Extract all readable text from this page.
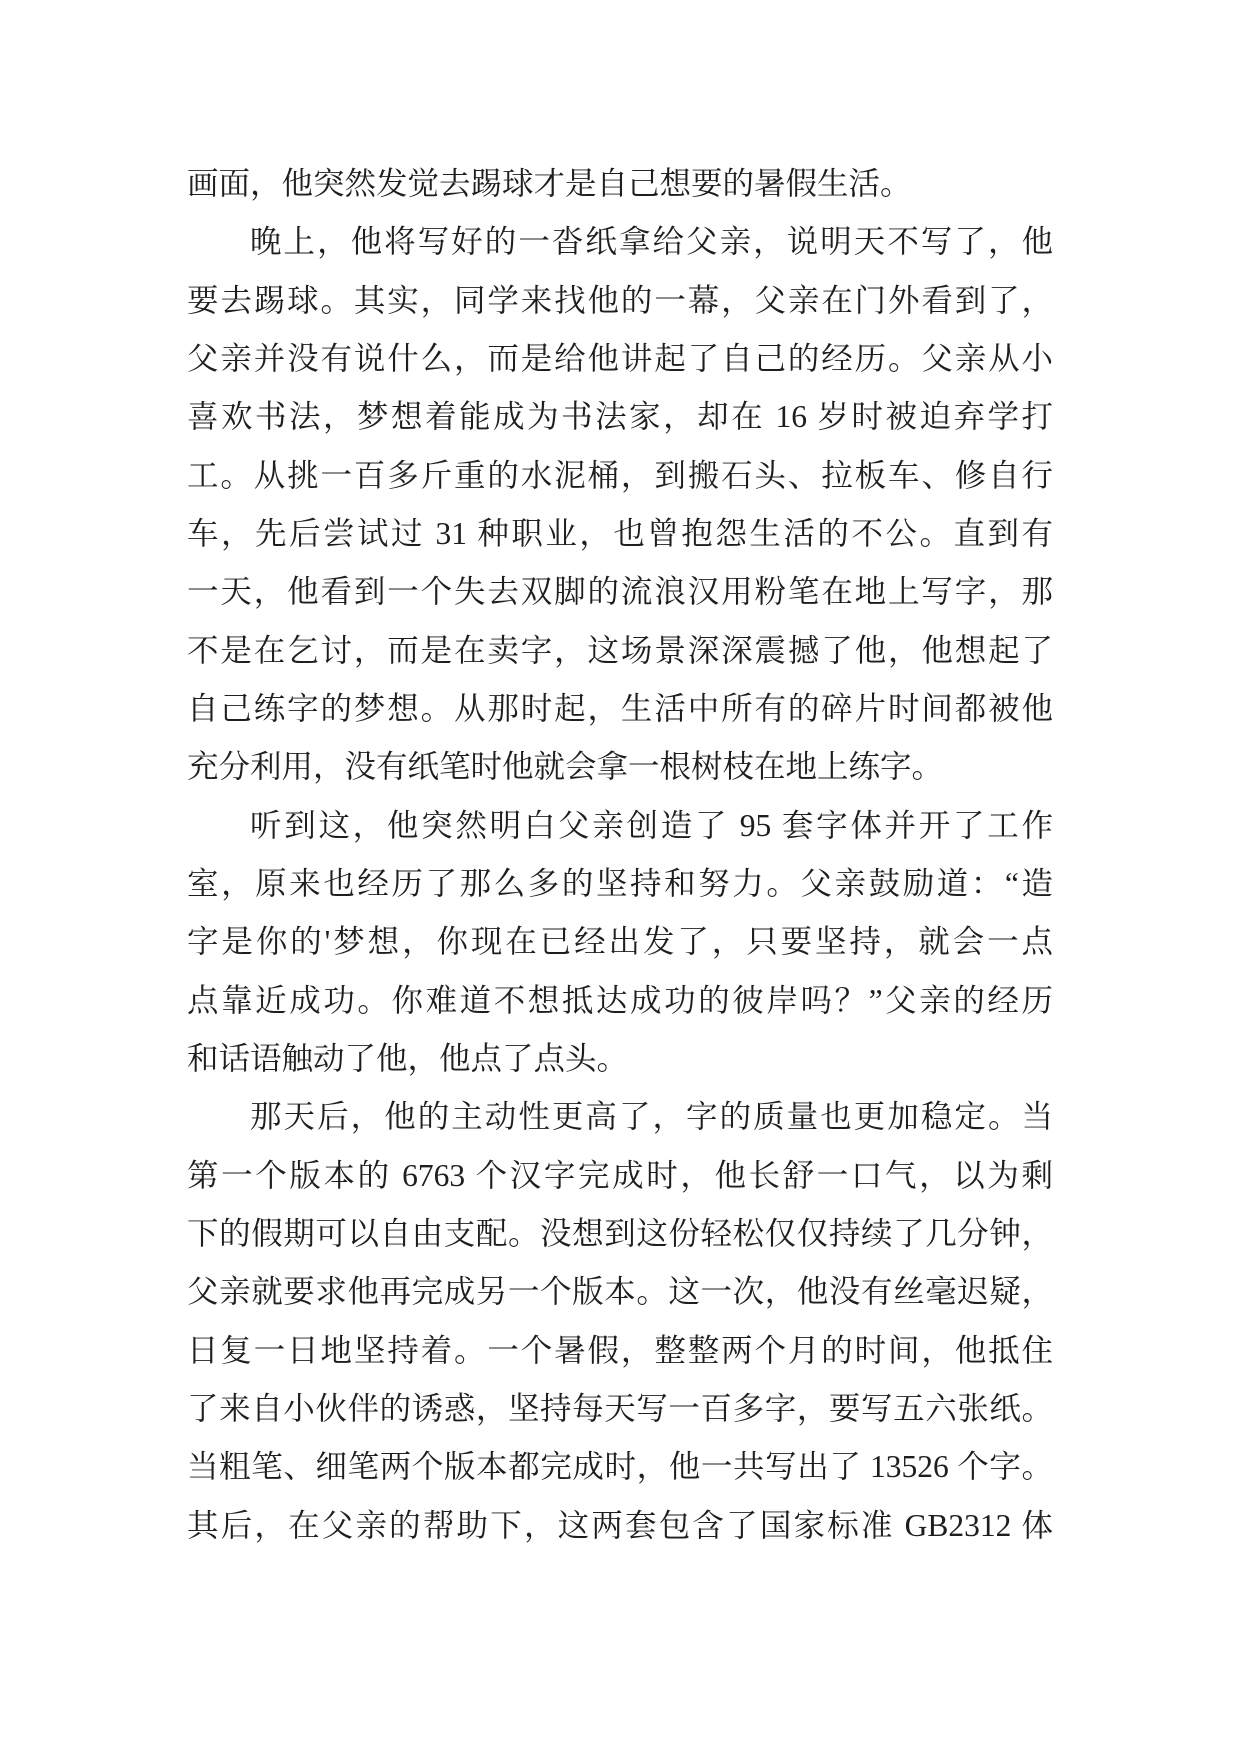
画面，他突然发觉去踢球才是自己想要的暑假生活。
晚上，他将写好的一沓纸拿给父亲，说明天不写了，他
要去踢球。其实，同学来找他的一幕，父亲在门外看到了，
父亲并没有说什么，而是给他讲起了自己的经历。父亲从小
喜欢书法，梦想着能成为书法家，却在 16 岁时被迫弃学打
工。从挑一百多斤重的水泥桶，到搬石头、拉板车、修自行
车，先后尝试过 31 种职业，也曾抱怨生活的不公。直到有
一天，他看到一个失去双脚的流浪汉用粉笔在地上写字，那
不是在乞讨，而是在卖字，这场景深深震撼了他，他想起了
自己练字的梦想。从那时起，生活中所有的碎片时间都被他
充分利用，没有纸笔时他就会拿一根树枝在地上练字。
听到这，他突然明白父亲创造了 95 套字体并开了工作
室，原来也经历了那么多的坚持和努力。父亲鼓励道：“造
字是你的'梦想，你现在已经出发了，只要坚持，就会一点
点靠近成功。你难道不想抵达成功的彼岸吗？”父亲的经历
和话语触动了他，他点了点头。
那天后，他的主动性更高了，字的质量也更加稳定。当
第一个版本的 6763 个汉字完成时，他长舒一口气，以为剩
下的假期可以自由支配。没想到这份轻松仅仅持续了几分钟，
父亲就要求他再完成另一个版本。这一次，他没有丝毫迟疑，
日复一日地坚持着。一个暑假，整整两个月的时间，他抵住
了来自小伙伴的诱惑，坚持每天写一百多字，要写五六张纸。
当粗笔、细笔两个版本都完成时，他一共写出了 13526 个字。
其后，在父亲的帮助下，这两套包含了国家标准 GB2312 体
